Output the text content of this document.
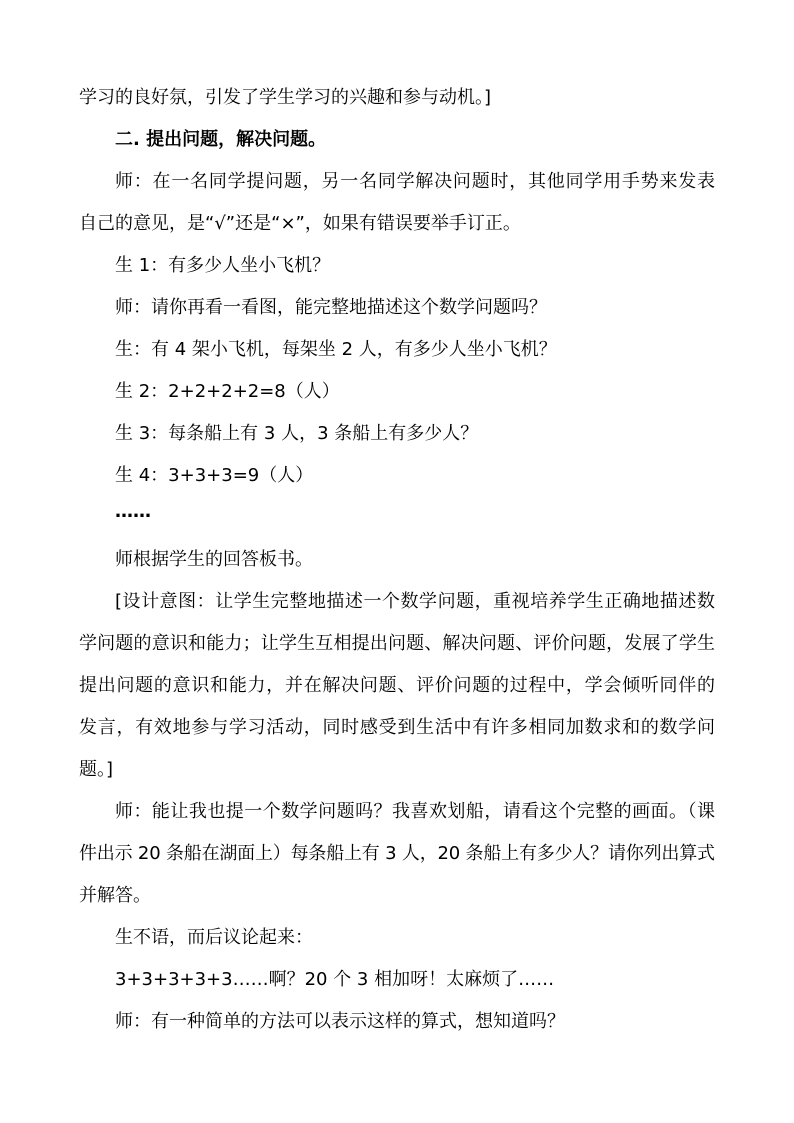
学习的良好氛，引发了学生学习的兴趣和参与动机。]
二. 提出问题，解决问题。
师：在一名同学提问题，另一名同学解决问题时，其他同学用手势来发表
自己的意见，是“√”还是“×”，如果有错误要举手订正。
生 1：有多少人坐小飞机？
师：请你再看一看图，能完整地描述这个数学问题吗？
生：有 4 架小飞机，每架坐 2 人，有多少人坐小飞机？
生 2：2+2+2+2=8（人）
生 3：每条船上有 3 人，3 条船上有多少人？
生 4：3+3+3=9（人）
……
师根据学生的回答板书。
[设计意图：让学生完整地描述一个数学问题，重视培养学生正确地描述数
学问题的意识和能力；让学生互相提出问题、解决问题、评价问题，发展了学生
提出问题的意识和能力，并在解决问题、评价问题的过程中，学会倾听同伴的
发言，有效地参与学习活动，同时感受到生活中有许多相同加数求和的数学问
题。]
师：能让我也提一个数学问题吗？我喜欢划船，请看这个完整的画面。（课
件出示 20 条船在湖面上）每条船上有 3 人，20 条船上有多少人？请你列出算式
并解答。
生不语，而后议论起来：
3+3+3+3+3……啊？20 个 3 相加呀！太麻烦了……
师：有一种简单的方法可以表示这样的算式，想知道吗？
